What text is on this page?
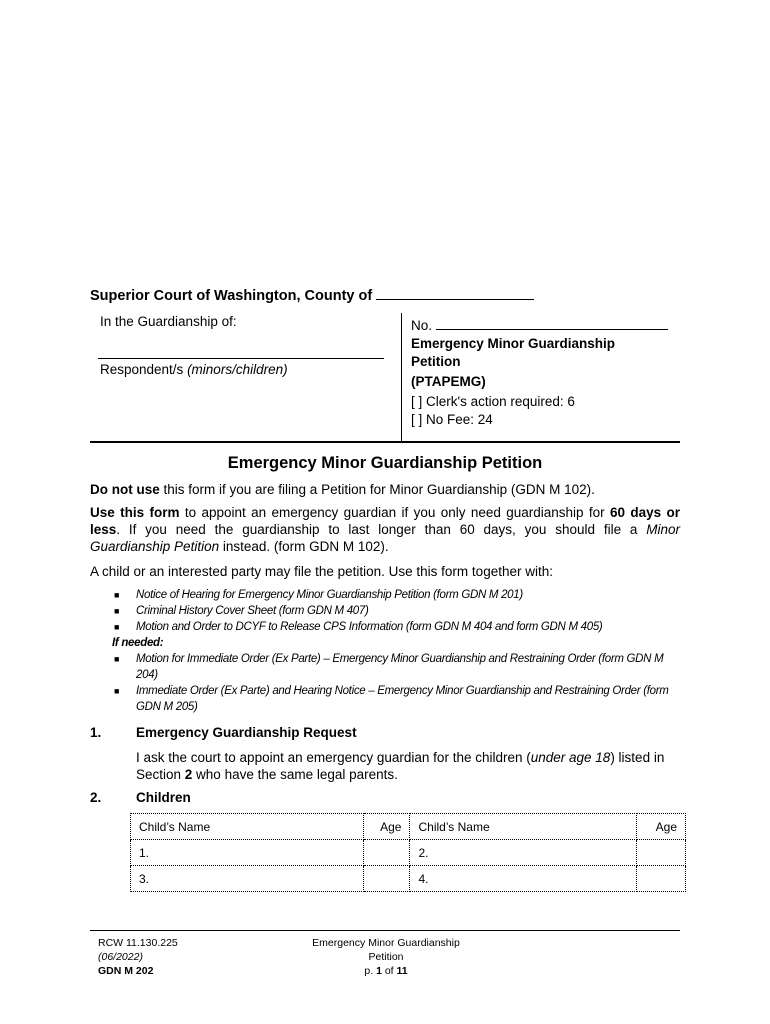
Superior Court of Washington, County of
In the Guardianship of:
Respondent/s (minors/children)
No.
Emergency Minor Guardianship
Petition
(PTAPEMG)
[ ] Clerk's action required: 6
[ ] No Fee: 24
Emergency Minor Guardianship Petition
Do not use this form if you are filing a Petition for Minor Guardianship (GDN M 102).
Use this form to appoint an emergency guardian if you only need guardianship for 60 days or less. If you need the guardianship to last longer than 60 days, you should file a Minor Guardianship Petition instead. (form GDN M 102).
A child or an interested party may file the petition. Use this form together with:
■ Notice of Hearing for Emergency Minor Guardianship Petition (form GDN M 201)
■ Criminal History Cover Sheet (form GDN M 407)
■ Motion and Order to DCYF to Release CPS Information (form GDN M 404 and form GDN M 405)
If needed:
■ Motion for Immediate Order (Ex Parte) – Emergency Minor Guardianship and Restraining Order (form GDN M 204)
■ Immediate Order (Ex Parte) and Hearing Notice – Emergency Minor Guardianship and Restraining Order (form GDN M 205)
1.	Emergency Guardianship Request
I ask the court to appoint an emergency guardian for the children (under age 18) listed in Section 2 who have the same legal parents.
2.	Children
Child’s Name	Age	Child’s Name	Age
1.		2.	
3.		4.	
RCW 11.130.225
(06/2022)
GDN M 202
Emergency Minor Guardianship
Petition
p. 1 of 11
